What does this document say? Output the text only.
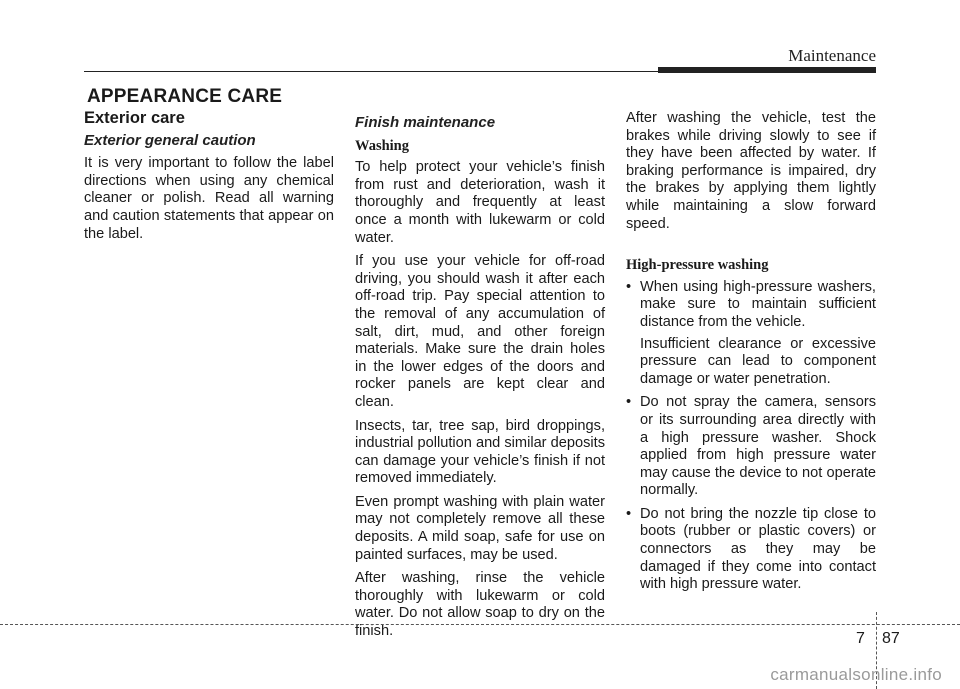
Maintenance
APPEARANCE CARE
Exterior care
Exterior general caution

It is very important to follow the label directions when using any chemical cleaner or polish. Read all warning and caution statements that appear on the label.

Finish maintenance
Washing

To help protect your vehicle’s finish from rust and deterioration, wash it thoroughly and frequently at least once a month with lukewarm or cold water.

If you use your vehicle for off-road driving, you should wash it after each off-road trip. Pay special attention to the removal of any accumulation of salt, dirt, mud, and other foreign materials. Make sure the drain holes in the lower edges of the doors and rocker panels are kept clear and clean.

Insects, tar, tree sap, bird droppings, industrial pollution and similar deposits can damage your vehicle’s finish if not removed immediately.

Even prompt washing with plain water may not completely remove all these deposits. A mild soap, safe for use on painted surfaces, may be used.

After washing, rinse the vehicle thoroughly with lukewarm or cold water. Do not allow soap to dry on the finish.

After washing the vehicle, test the brakes while driving slowly to see if they have been affected by water. If braking performance is impaired, dry the brakes by applying them lightly while maintaining a slow forward speed.

High-pressure washing
• When using high-pressure washers, make sure to maintain sufficient distance from the vehicle.

Insufficient clearance or excessive pressure can lead to component damage or water penetration.

• Do not spray the camera, sensors or its surrounding area directly with a high pressure washer. Shock applied from high pressure water may cause the device to not operate normally.

• Do not bring the nozzle tip close to boots (rubber or plastic covers) or connectors as they may be damaged if they come into contact with high pressure water.

7 87
carmanualsonline.info
